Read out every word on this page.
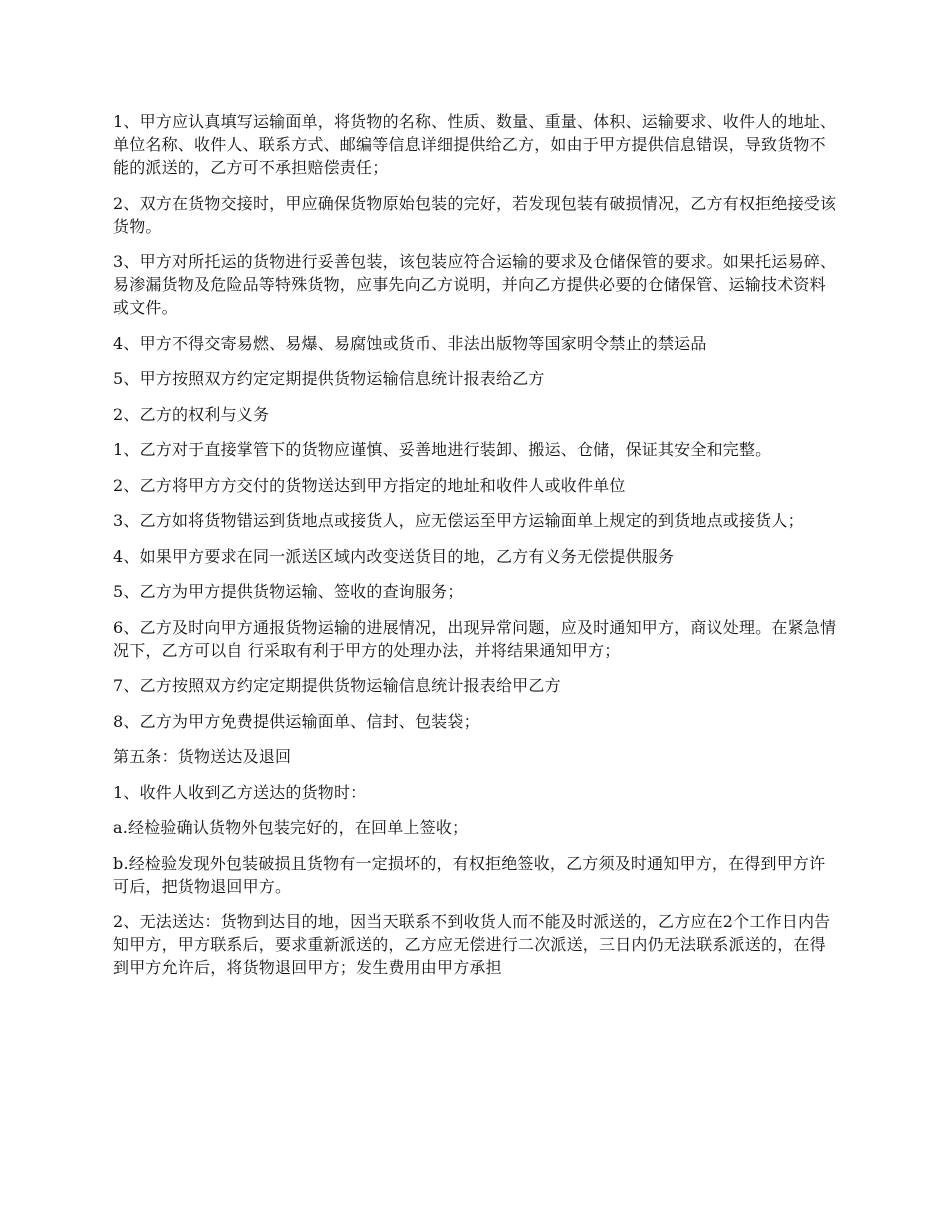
1、甲方应认真填写运输面单，将货物的名称、性质、数量、重量、体积、运输要求、收件人的地址、单位名称、收件人、联系方式、邮编等信息详细提供给乙方，如由于甲方提供信息错误，导致货物不能的派送的，乙方可不承担赔偿责任；

2、双方在货物交接时，甲应确保货物原始包装的完好，若发现包装有破损情况，乙方有权拒绝接受该货物。

3、甲方对所托运的货物进行妥善包装，该包装应符合运输的要求及仓储保管的要求。如果托运易碎、易渗漏货物及危险品等特殊货物，应事先向乙方说明，并向乙方提供必要的仓储保管、运输技术资料或文件。

4、甲方不得交寄易燃、易爆、易腐蚀或货币、非法出版物等国家明令禁止的禁运品

5、甲方按照双方约定定期提供货物运输信息统计报表给乙方

2、乙方的权利与义务

1、乙方对于直接掌管下的货物应谨慎、妥善地进行装卸、搬运、仓储，保证其安全和完整。

2、乙方将甲方方交付的货物送达到甲方指定的地址和收件人或收件单位

3、乙方如将货物错运到货地点或接货人，应无偿运至甲方运输面单上规定的到货地点或接货人；

4、如果甲方要求在同一派送区域内改变送货目的地，乙方有义务无偿提供服务

5、乙方为甲方提供货物运输、签收的查询服务；

6、乙方及时向甲方通报货物运输的进展情况，出现异常问题，应及时通知甲方，商议处理。在紧急情况下，乙方可以自 行采取有利于甲方的处理办法，并将结果通知甲方；

7、乙方按照双方约定定期提供货物运输信息统计报表给甲乙方

8、乙方为甲方免费提供运输面单、信封、包装袋；

第五条：货物送达及退回

1、收件人收到乙方送达的货物时：

a.经检验确认货物外包装完好的，在回单上签收；

b.经检验发现外包装破损且货物有一定损坏的，有权拒绝签收，乙方须及时通知甲方，在得到甲方许可后，把货物退回甲方。

2、无法送达：货物到达目的地，因当天联系不到收货人而不能及时派送的，乙方应在2个工作日内告知甲方，甲方联系后，要求重新派送的，乙方应无偿进行二次派送，三日内仍无法联系派送的，在得到甲方允许后，将货物退回甲方；发生费用由甲方承担
